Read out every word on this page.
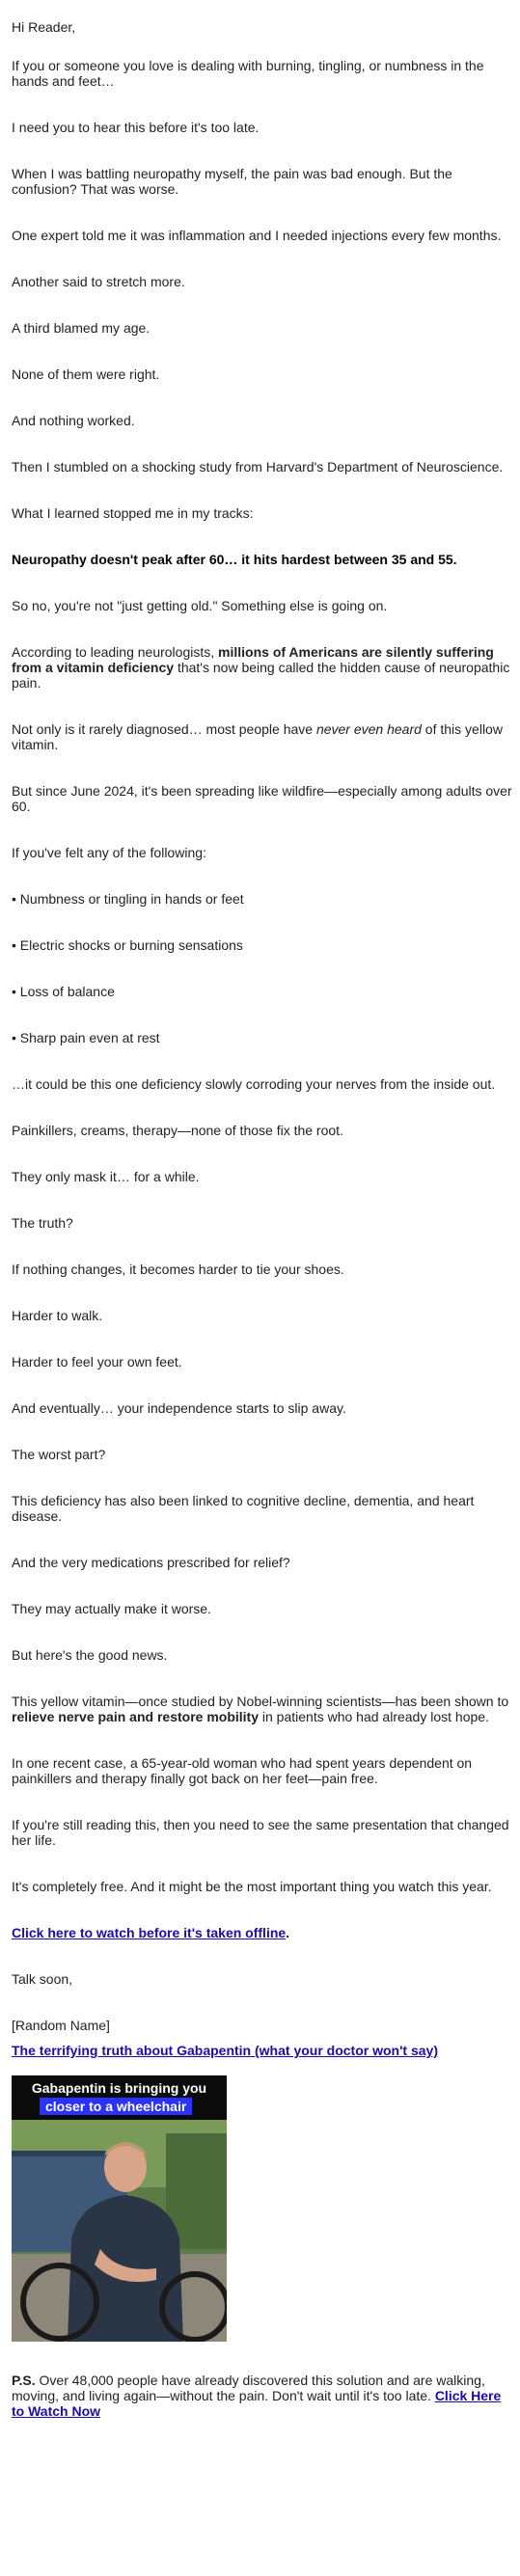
Hi Reader,

If you or someone you love is dealing with burning, tingling, or numbness in the hands and feet…

I need you to hear this before it's too late.

When I was battling neuropathy myself, the pain was bad enough. But the confusion? That was worse.

One expert told me it was inflammation and I needed injections every few months.

Another said to stretch more.

A third blamed my age.

None of them were right.

And nothing worked.

Then I stumbled on a shocking study from Harvard's Department of Neuroscience.

What I learned stopped me in my tracks:

Neuropathy doesn't peak after 60… it hits hardest between 35 and 55.

So no, you're not "just getting old." Something else is going on.

According to leading neurologists, millions of Americans are silently suffering from a vitamin deficiency that's now being called the hidden cause of neuropathic pain.

Not only is it rarely diagnosed… most people have never even heard of this yellow vitamin.

But since June 2024, it's been spreading like wildfire—especially among adults over 60.

If you've felt any of the following:

• Numbness or tingling in hands or feet

• Electric shocks or burning sensations

• Loss of balance

• Sharp pain even at rest

…it could be this one deficiency slowly corroding your nerves from the inside out.

Painkillers, creams, therapy—none of those fix the root.

They only mask it… for a while.

The truth?

If nothing changes, it becomes harder to tie your shoes.

Harder to walk.

Harder to feel your own feet.

And eventually… your independence starts to slip away.

The worst part?

This deficiency has also been linked to cognitive decline, dementia, and heart disease.

And the very medications prescribed for relief?

They may actually make it worse.

But here's the good news.

This yellow vitamin—once studied by Nobel-winning scientists—has been shown to relieve nerve pain and restore mobility in patients who had already lost hope.

In one recent case, a 65-year-old woman who had spent years dependent on painkillers and therapy finally got back on her feet—pain free.

If you're still reading this, then you need to see the same presentation that changed her life.

It's completely free. And it might be the most important thing you watch this year.

Click here to watch before it's taken offline.

Talk soon,

[Random Name]

The terrifying truth about Gabapentin (what your doctor won't say)
Gabapentin is bringing you
closer to a wheelchair

P.S. Over 48,000 people have already discovered this solution and are walking, moving, and living again—without the pain. Don't wait until it's too late. Click Here to Watch Now
